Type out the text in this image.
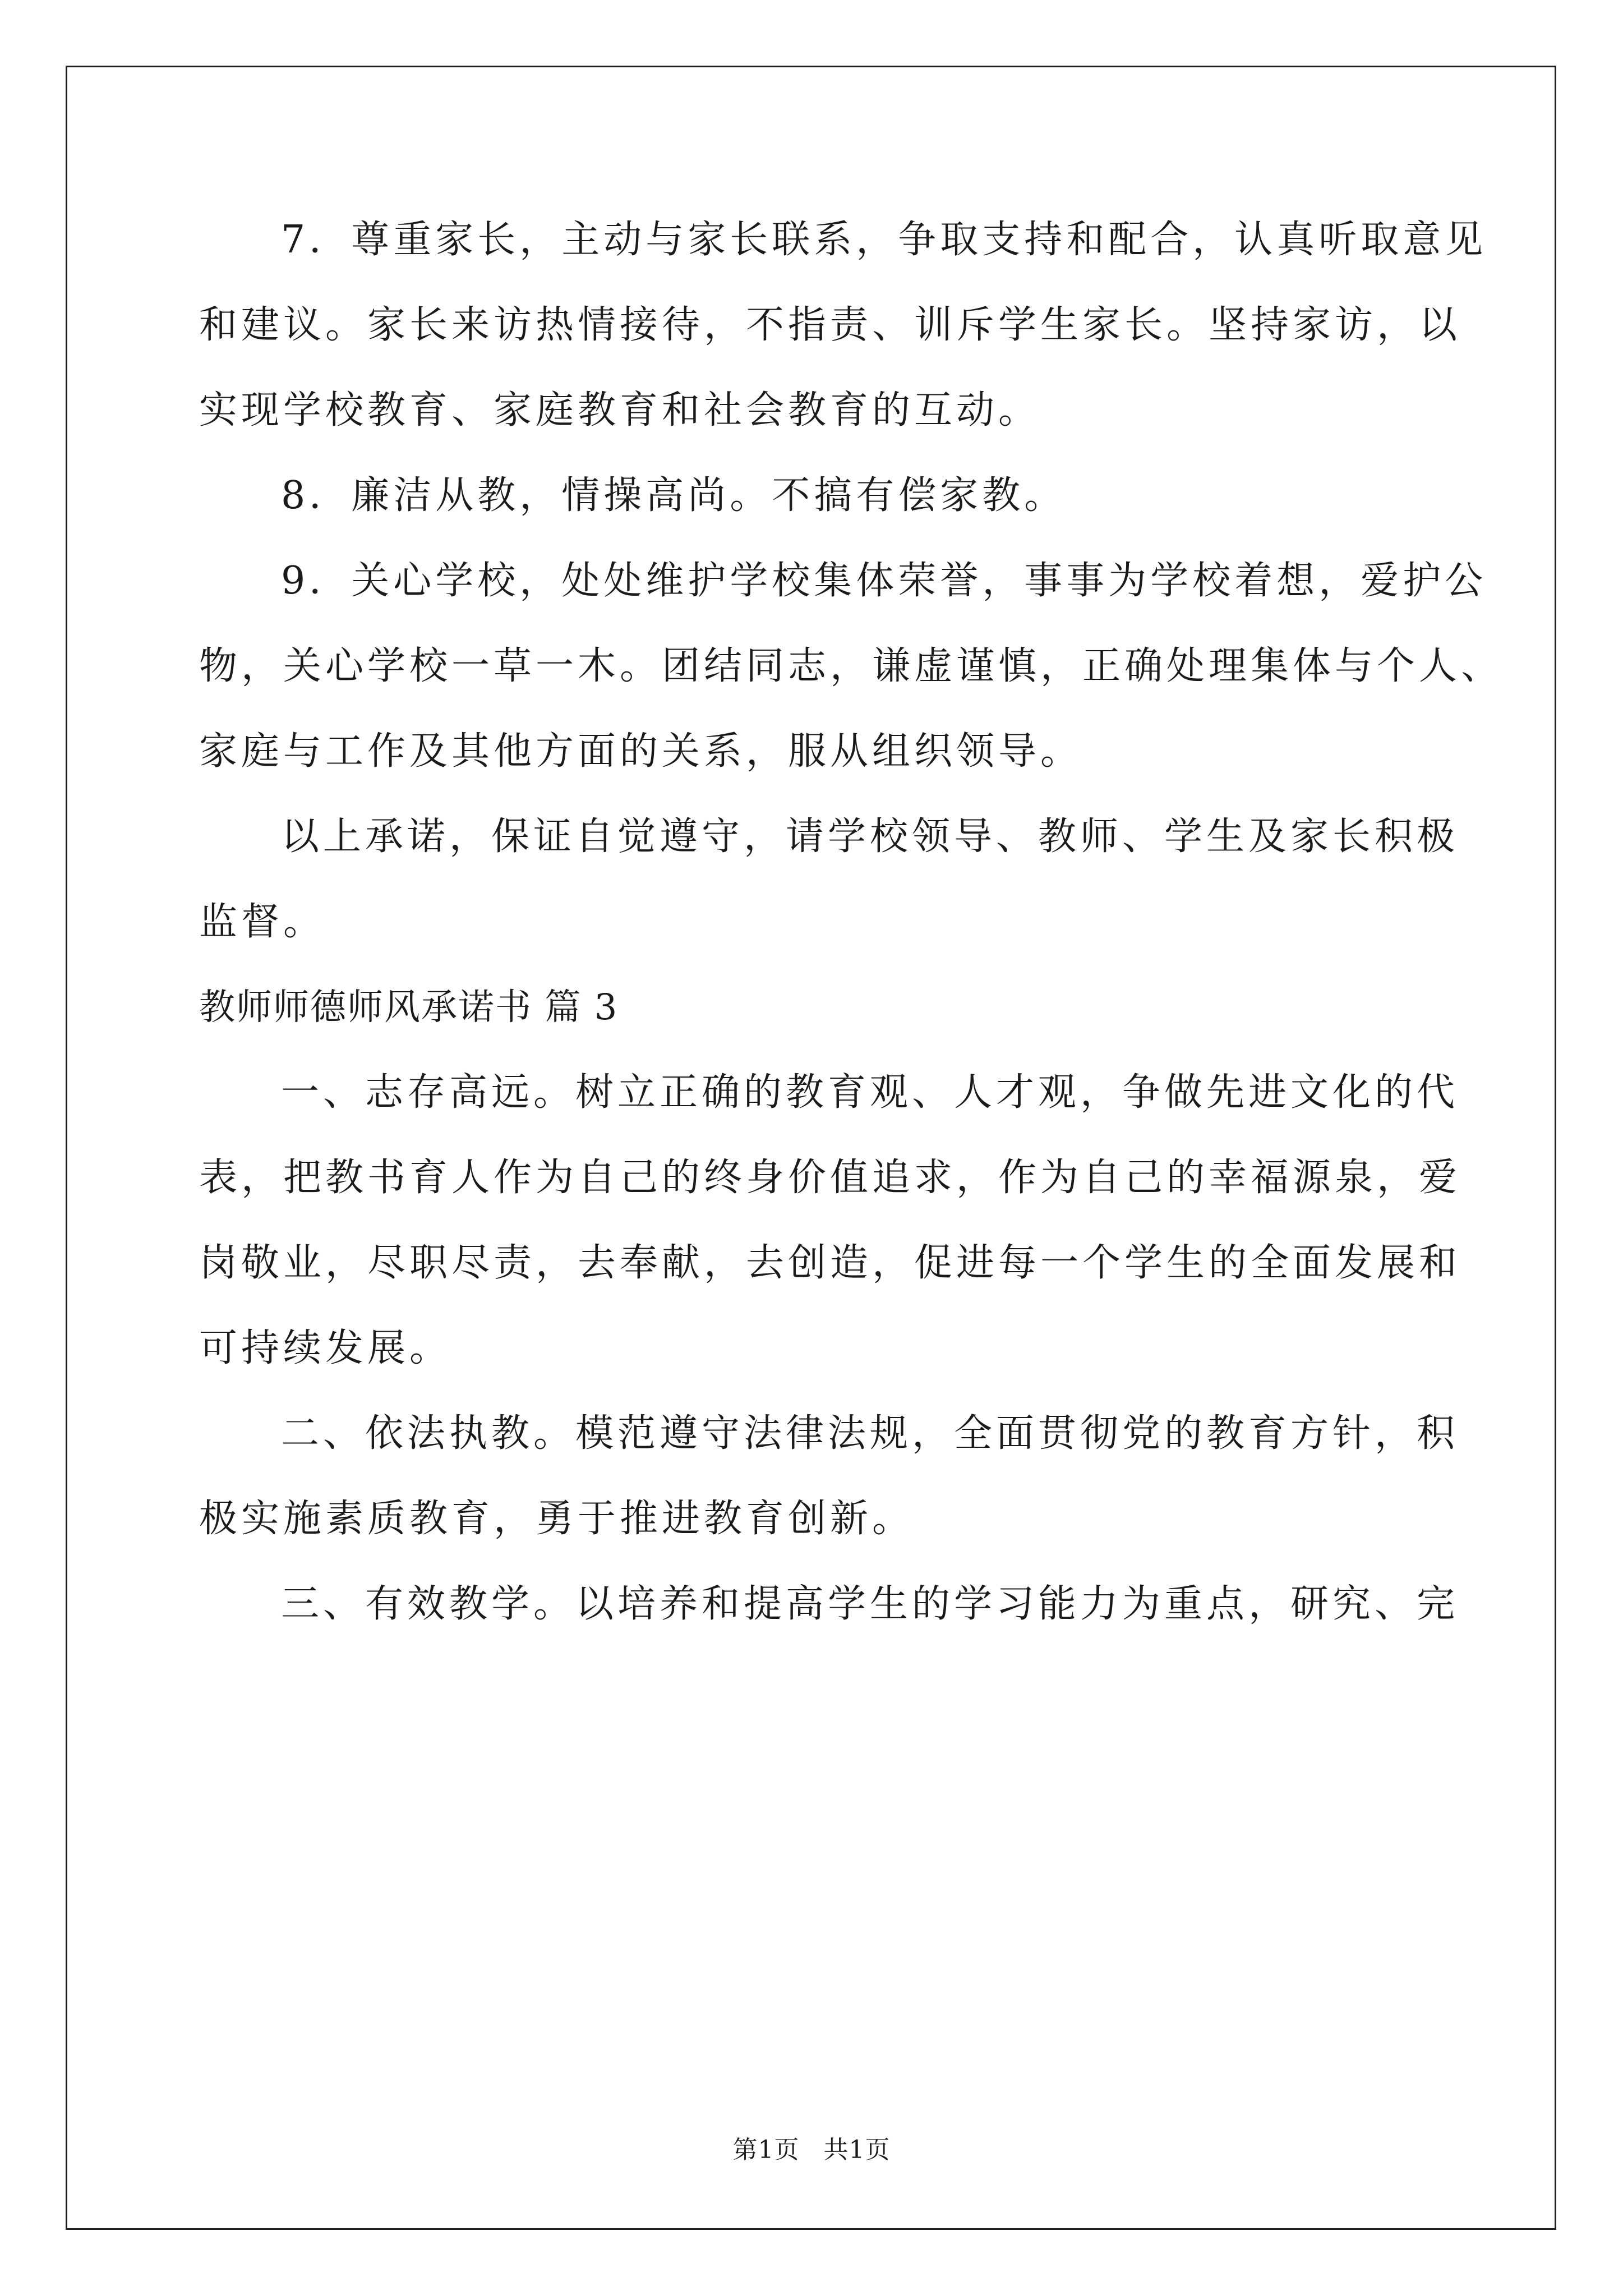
7．尊重家长，主动与家长联系，争取支持和配合，认真听取意见
和建议。家长来访热情接待，不指责、训斥学生家长。坚持家访，以
实现学校教育、家庭教育和社会教育的互动。
8．廉洁从教，情操高尚。不搞有偿家教。
9．关心学校，处处维护学校集体荣誉，事事为学校着想，爱护公
物，关心学校一草一木。团结同志，谦虚谨慎，正确处理集体与个人、
家庭与工作及其他方面的关系，服从组织领导。
以上承诺，保证自觉遵守，请学校领导、教师、学生及家长积极
监督。
教师师德师风承诺书 篇 3
一、志存高远。树立正确的教育观、人才观，争做先进文化的代
表，把教书育人作为自己的终身价值追求，作为自己的幸福源泉，爱
岗敬业，尽职尽责，去奉献，去创造，促进每一个学生的全面发展和
可持续发展。
二、依法执教。模范遵守法律法规，全面贯彻党的教育方针，积
极实施素质教育，勇于推进教育创新。
三、有效教学。以培养和提高学生的学习能力为重点，研究、完
第1页 共1页
